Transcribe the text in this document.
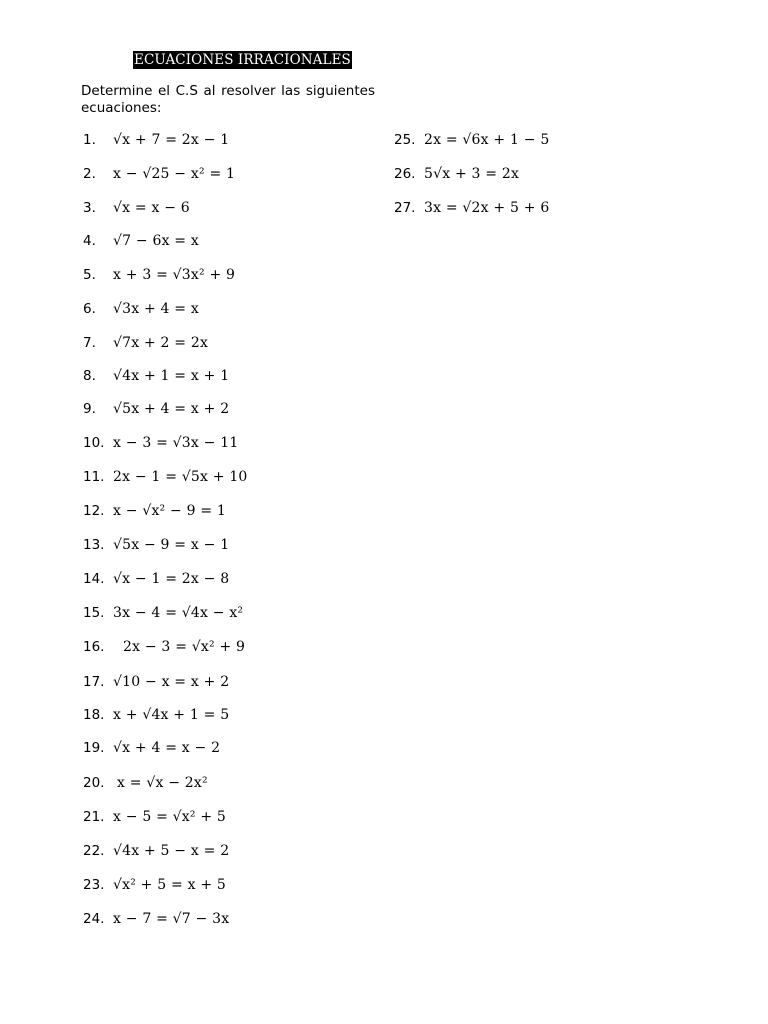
ECUACIONES IRRACIONALES
Determine el C.S al resolver las siguientes ecuaciones:
1.	√x + 7 = 2x − 1
2.	x − √25 − x² = 1
3.	√x = x − 6
4.	√7 − 6x = x
5.	x + 3 = √3x² + 9
6.	√3x + 4 = x
7.	√7x + 2 = 2x
8.	√4x + 1 = x + 1
9.	√5x + 4 = x + 2
10. x − 3 = √3x − 11
11. 2x − 1 = √5x + 10
12. x − √x² − 9 = 1
13. √5x − 9 = x − 1
14. √x − 1 = 2x − 8
15. 3x − 4 = √4x − x²
16.	2x − 3 = √x² + 9
17. √10 − x = x + 2
18. x + √4x + 1 = 5
19. √x + 4 = x − 2
20. x = √x − 2x²
21. x − 5 = √x² + 5
22. √4x + 5 − x = 2
23. √x² + 5 = x + 5
24. x − 7 = √7 − 3x
25. 2x = √6x + 1 − 5
26. 5√x + 3 = 2x
27. 3x = √2x + 5 + 6
